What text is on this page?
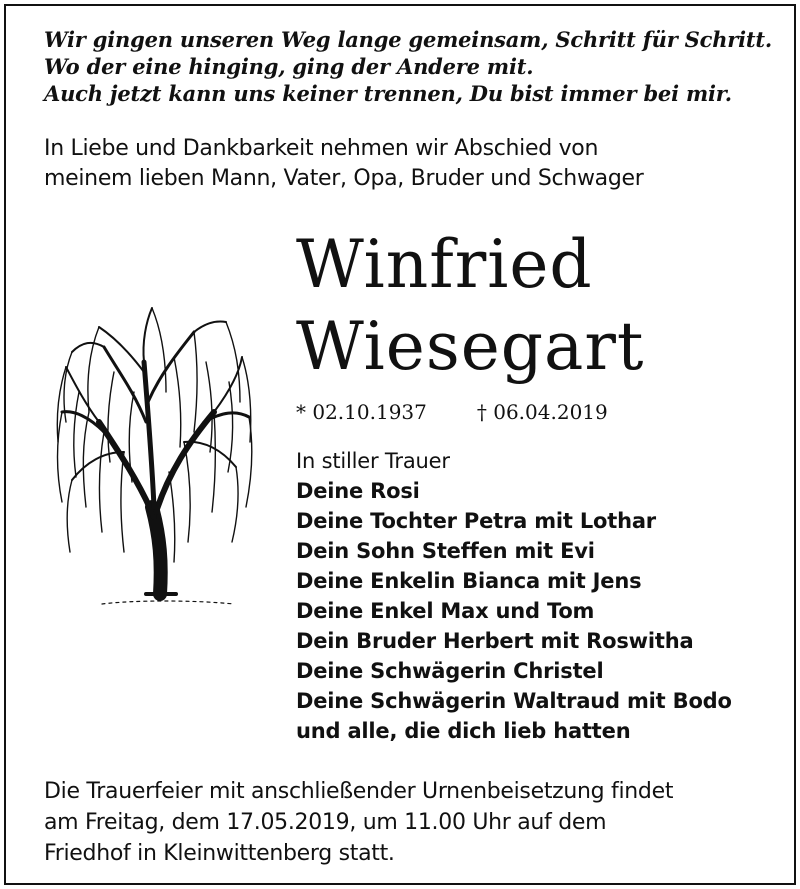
Wir gingen unseren Weg lange gemeinsam, Schritt für Schritt.
Wo der eine hinging, ging der Andere mit.
Auch jetzt kann uns keiner trennen, Du bist immer bei mir.
In Liebe und Dankbarkeit nehmen wir Abschied von
meinem lieben Mann, Vater, Opa, Bruder und Schwager
Winfried
Wiesegart
* 02.10.1937	† 06.04.2019
In stiller Trauer
Deine Rosi
Deine Tochter Petra mit Lothar
Dein Sohn Steffen mit Evi
Deine Enkelin Bianca mit Jens
Deine Enkel Max und Tom
Dein Bruder Herbert mit Roswitha
Deine Schwägerin Christel
Deine Schwägerin Waltraud mit Bodo
und alle, die dich lieb hatten
Die Trauerfeier mit anschließender Urnenbeisetzung findet
am Freitag, dem 17.05.2019, um 11.00 Uhr auf dem
Friedhof in Kleinwittenberg statt.
